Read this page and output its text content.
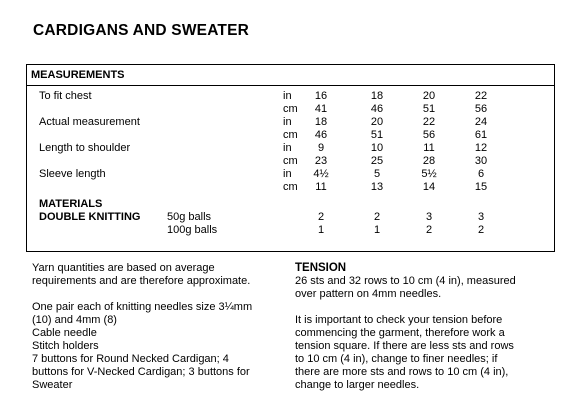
CARDIGANS AND SWEATER
MEASUREMENTS
To fit chest	in	16	18	20	22
cm	41	46	51	56
Actual measurement	in	18	20	22	24
cm	46	51	56	61
Length to shoulder	in	9	10	11	12
cm	23	25	28	30
Sleeve length	in	4½	5	5½	6
cm	11	13	14	15
MATERIALS
DOUBLE KNITTING 50g balls	2	2	3	3
100g balls	1	1	2	2
Yarn quantities are based on average
requirements and are therefore approximate.
One pair each of knitting needles size 3¼mm
(10) and 4mm (8)
Cable needle
Stitch holders
7 buttons for Round Necked Cardigan; 4
buttons for V-Necked Cardigan; 3 buttons for
Sweater
TENSION
26 sts and 32 rows to 10 cm (4 in), measured
over pattern on 4mm needles.
It is important to check your tension before
commencing the garment, therefore work a
tension square. If there are less sts and rows
to 10 cm (4 in), change to finer needles; if
there are more sts and rows to 10 cm (4 in),
change to larger needles.
